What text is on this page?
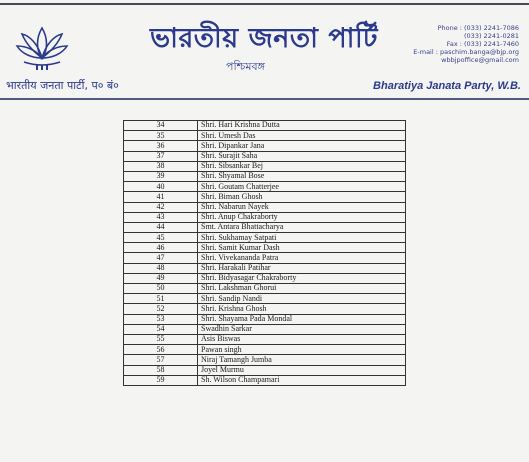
ভারতীয় জনতা পার্টি
পশ্চিমবঙ্গ
Phone : (033) 2241-7086
(033) 2241-0281
Fax : (033) 2241-7460
E-mail : paschim.banga@bjp.org
wbbjpoffice@gmail.com
भारतीय जनता पार्टी, प० बं०	Bharatiya Janata Party, W.B.
34	Shri. Hari Krishna Dutta
35	Shri. Umesh Das
36	Shri. Dipankar Jana
37	Shri. Surajit Saha
38	Shri. Sibsankar Bej
39	Shri. Shyamal Bose
40	Shri. Goutam Chatterjee
41	Shri. Biman Ghosh
42	Shri. Nabarun Nayek
43	Shri. Anup Chakraborty
44	Smt. Antara Bhattacharya
45	Shri. Sukhamay Satpati
46	Shri. Samit Kumar Dash
47	Shri. Vivekananda Patra
48	Shri. Harakali Patihar
49	Shri. Bidyasagar Chakraborty
50	Shri. Lakshman Ghorui
51	Shri. Sandip Nandi
52	Shri. Krishna Ghosh
53	Shri. Shayama Pada Mondal
54	Swadhin Sarkar
55	Asis Biswas
56	Pawan singh
57	Niraj Tamangh Jumba
58	Joyel Murmu
59	Sh. Wilson Champamari
